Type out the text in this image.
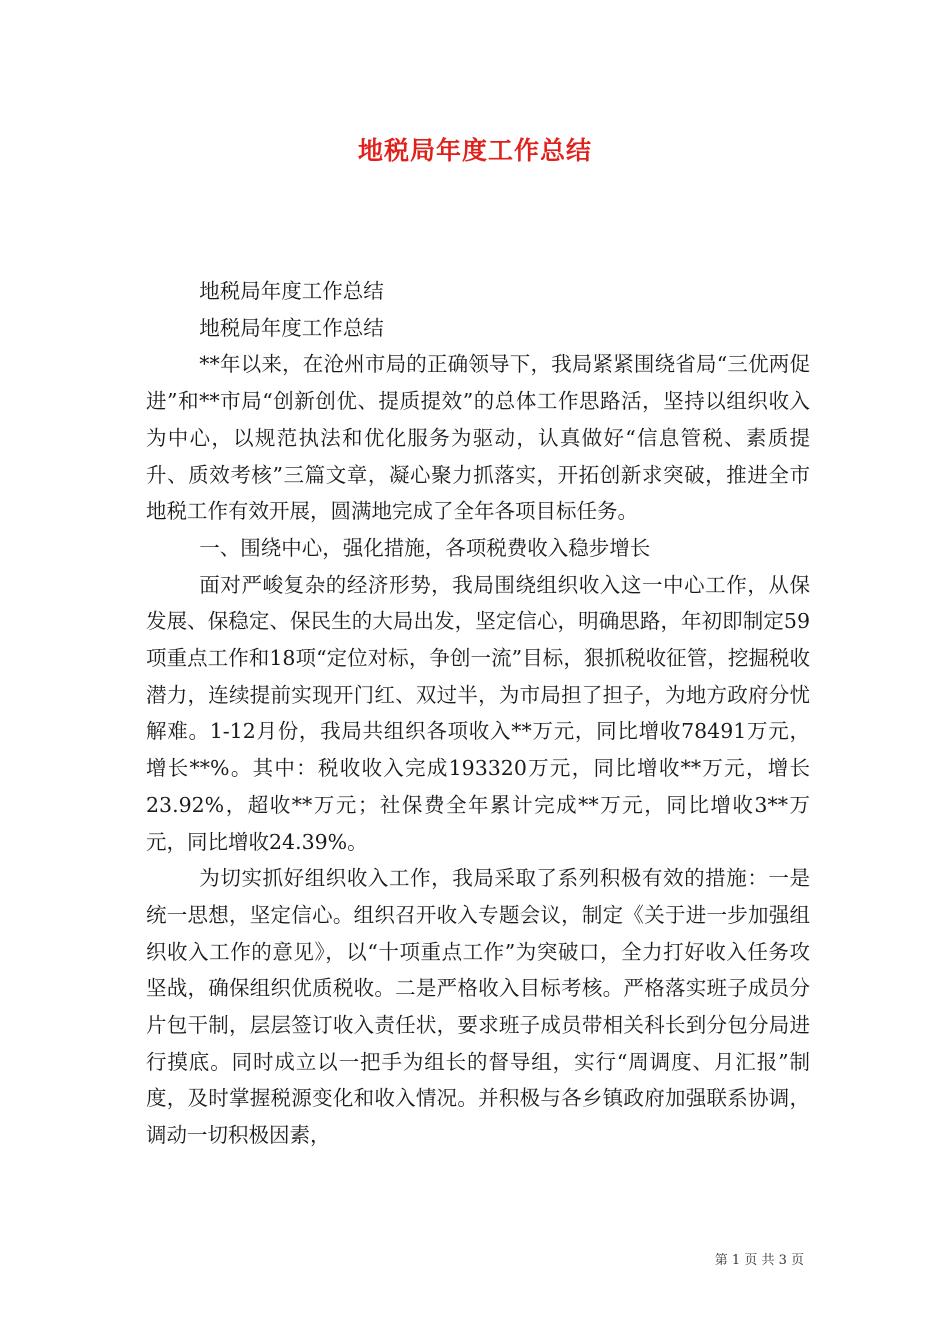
地税局年度工作总结

地税局年度工作总结

地税局年度工作总结

**年以来，在沧州市局的正确领导下，我局紧紧围绕省局“三优两促进”和**市局“创新创优、提质提效”的总体工作思路活，坚持以组织收入为中心，以规范执法和优化服务为驱动，认真做好“信息管税、素质提升、质效考核”三篇文章，凝心聚力抓落实，开拓创新求突破，推进全市地税工作有效开展，圆满地完成了全年各项目标任务。

一、围绕中心，强化措施，各项税费收入稳步增长

面对严峻复杂的经济形势，我局围绕组织收入这一中心工作，从保发展、保稳定、保民生的大局出发，坚定信心，明确思路，年初即制定59项重点工作和18项“定位对标，争创一流”目标，狠抓税收征管，挖掘税收潜力，连续提前实现开门红、双过半，为市局担了担子，为地方政府分忧解难。1-12月份，我局共组织各项收入**万元，同比增收78491万元，增长**%。其中：税收收入完成193320万元，同比增收**万元，增长23.92%，超收**万元；社保费全年累计完成**万元，同比增收3**万元，同比增收24.39%。

为切实抓好组织收入工作，我局采取了系列积极有效的措施：一是统一思想，坚定信心。组织召开收入专题会议，制定《关于进一步加强组织收入工作的意见》，以“十项重点工作”为突破口，全力打好收入任务攻坚战，确保组织优质税收。二是严格收入目标考核。严格落实班子成员分片包干制，层层签订收入责任状，要求班子成员带相关科长到分包分局进行摸底。同时成立以一把手为组长的督导组，实行“周调度、月汇报”制度，及时掌握税源变化和收入情况。并积极与各乡镇政府加强联系协调，调动一切积极因素，

第 1 页 共 3 页
